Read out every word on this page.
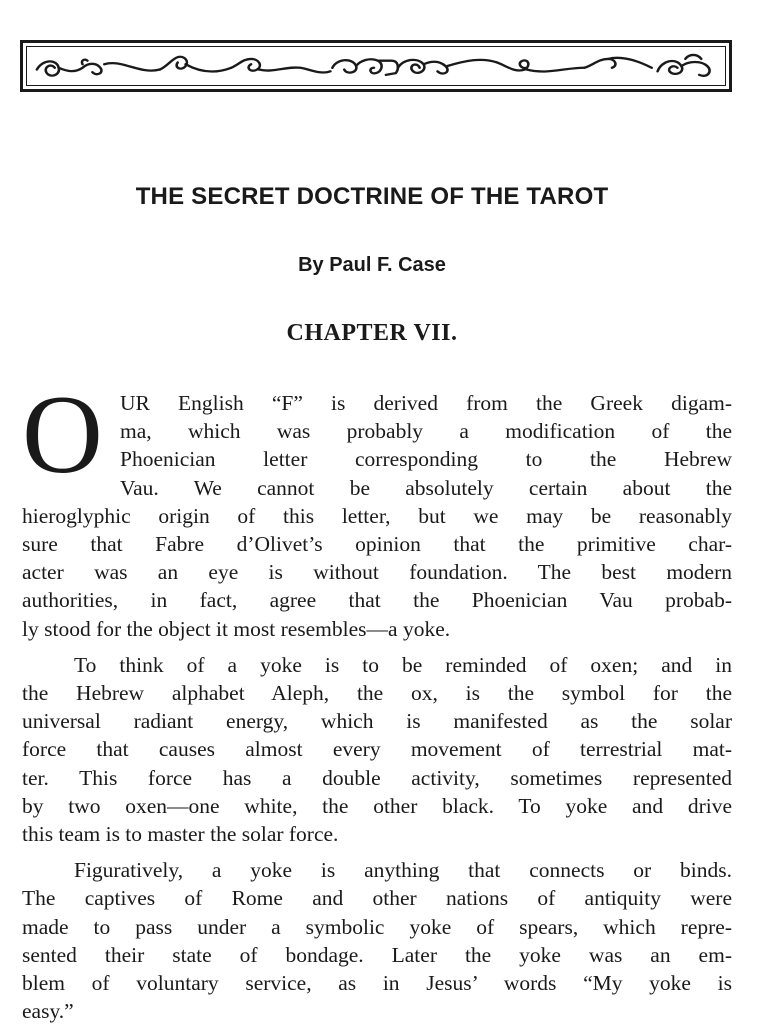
THE SECRET DOCTRINE OF THE TAROT
By Paul F. Case
CHAPTER VII.

O UR English “F” is derived from the Greek digam-
ma, which was probably a modification of the
Phoenician letter corresponding to the Hebrew
Vau. We cannot be absolutely certain about the
hieroglyphic origin of this letter, but we may be reasonably
sure that Fabre d’Olivet’s opinion that the primitive char-
acter was an eye is without foundation. The best modern
authorities, in fact, agree that the Phoenician Vau probab-
ly stood for the object it most resembles—a yoke.

To think of a yoke is to be reminded of oxen; and in
the Hebrew alphabet Aleph, the ox, is the symbol for the
universal radiant energy, which is manifested as the solar
force that causes almost every movement of terrestrial mat-
ter. This force has a double activity, sometimes represented
by two oxen—one white, the other black. To yoke and drive
this team is to master the solar force.

Figuratively, a yoke is anything that connects or binds.
The captives of Rome and other nations of antiquity were
made to pass under a symbolic yoke of spears, which repre-
sented their state of bondage. Later the yoke was an em-
blem of voluntary service, as in Jesus’ words “My yoke is
easy.”
